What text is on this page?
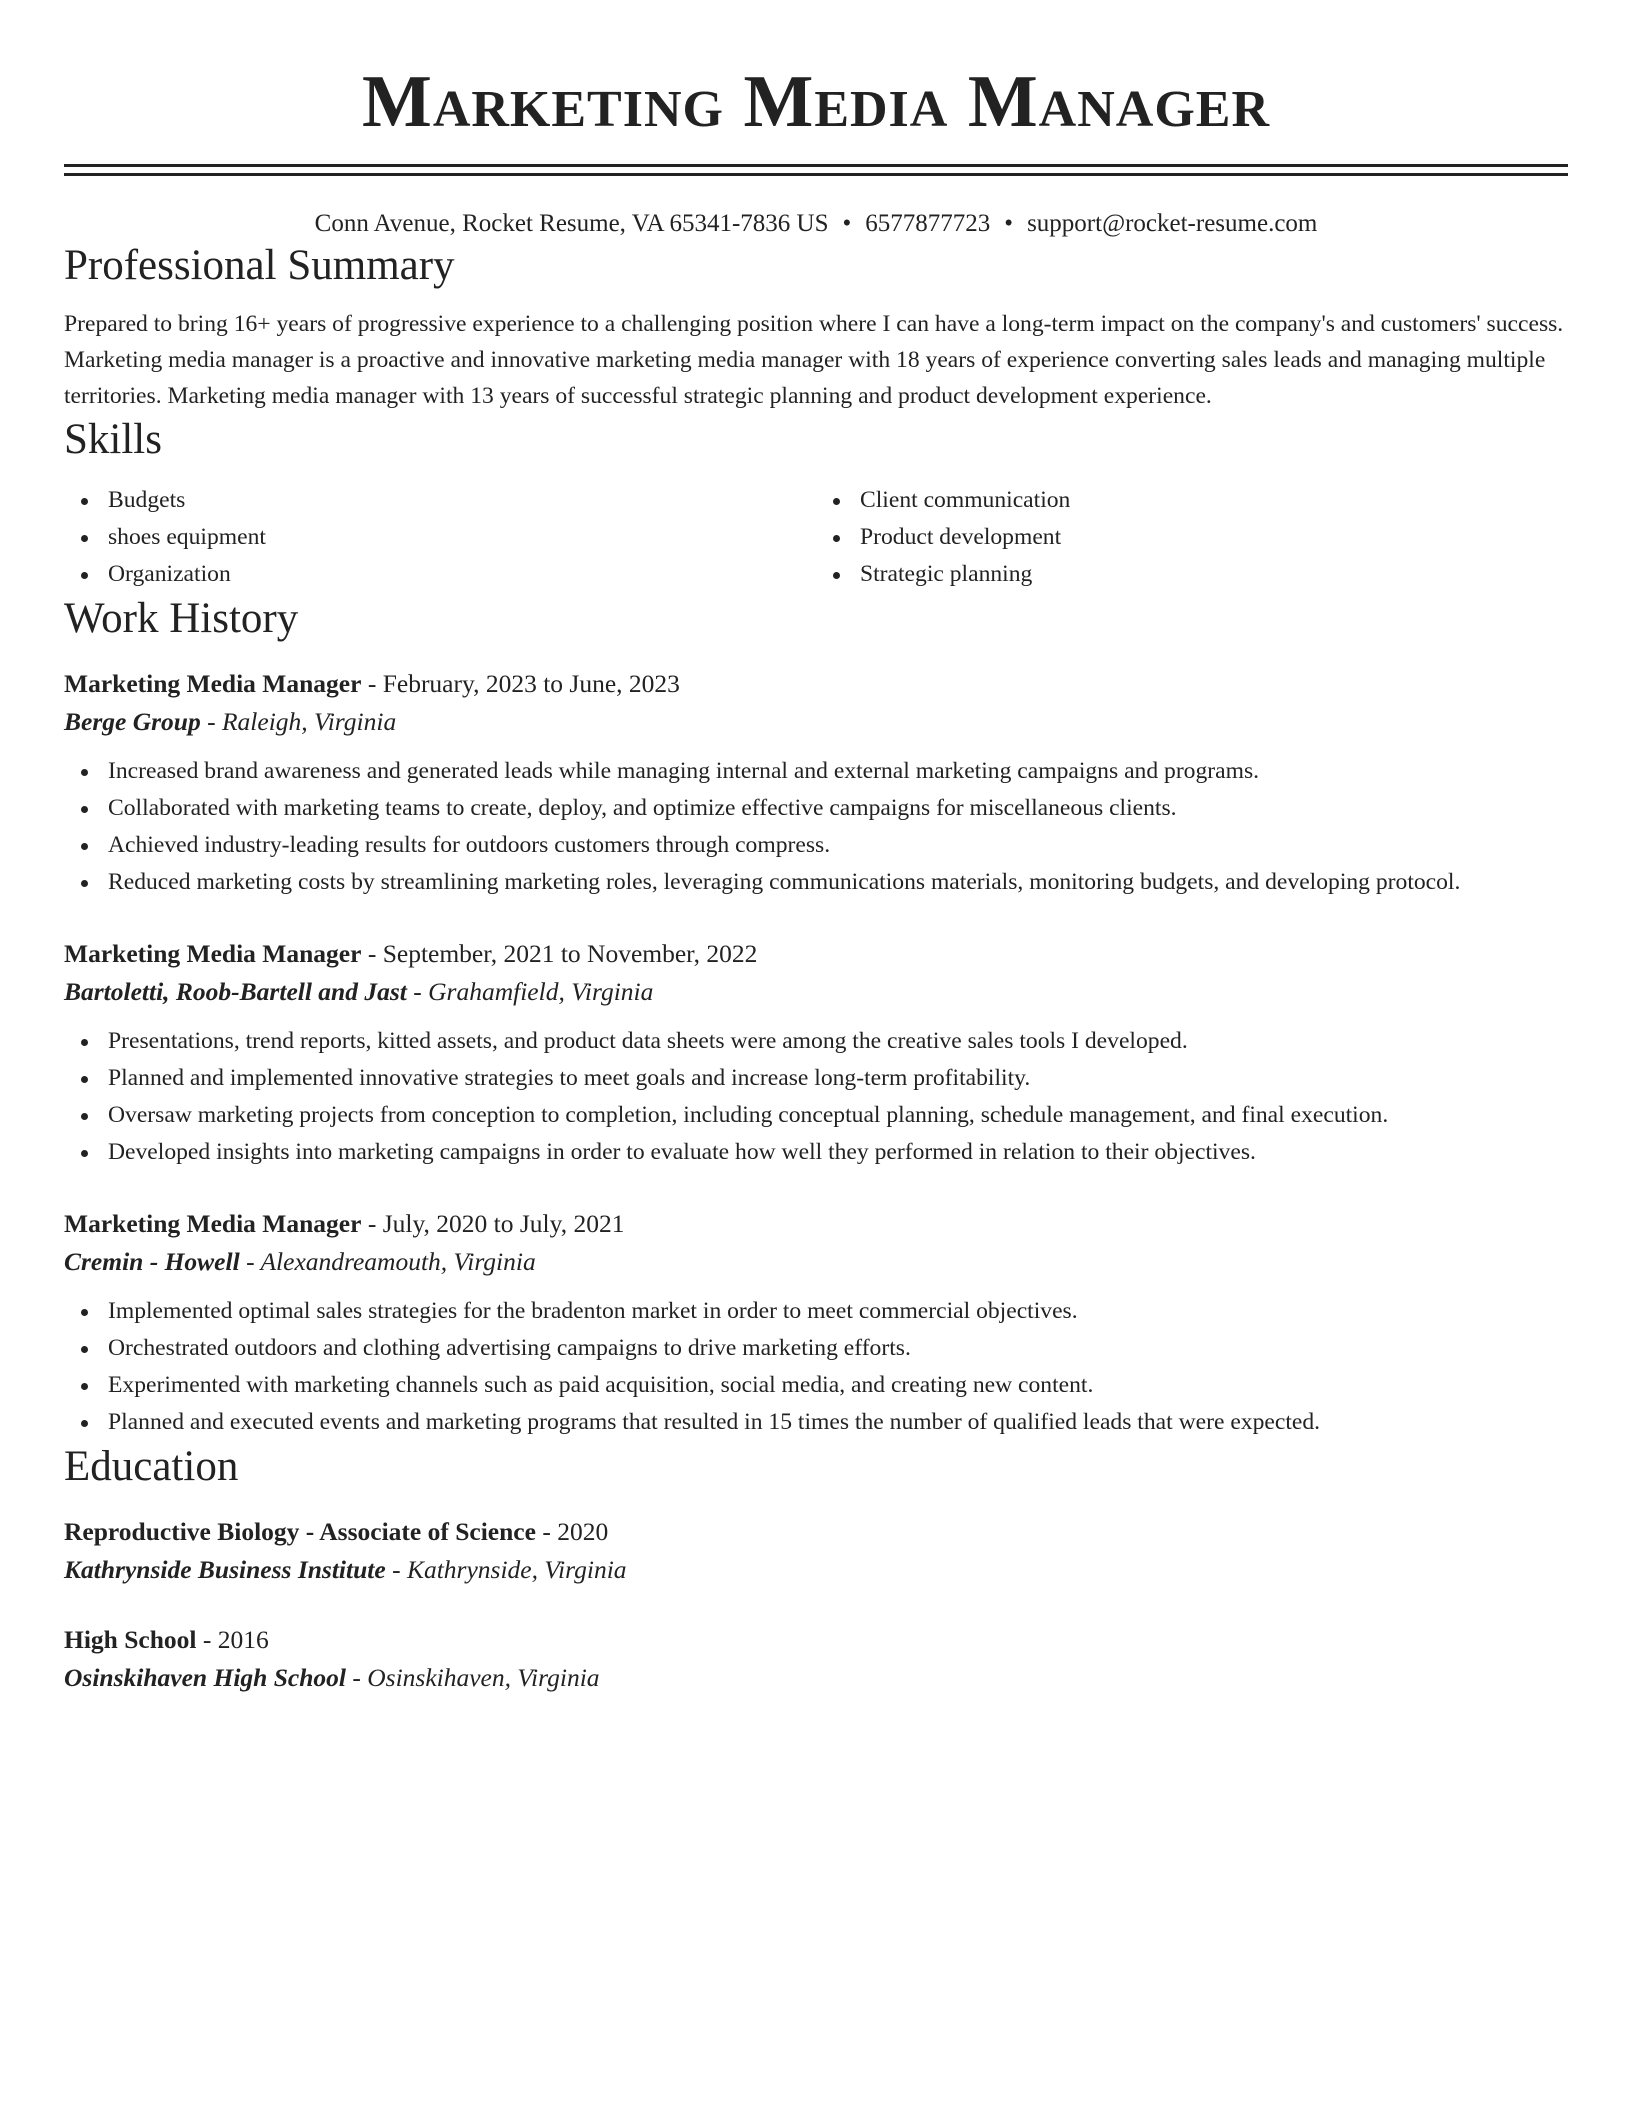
Marketing Media Manager
Conn Avenue, Rocket Resume, VA 65341-7836 US • 6577877723 • support@rocket-resume.com
Professional Summary

Prepared to bring 16+ years of progressive experience to a challenging position where I can have a long-term impact on the company's and customers' success. Marketing media manager is a proactive and innovative marketing media manager with 18 years of experience converting sales leads and managing multiple territories. Marketing media manager with 13 years of successful strategic planning and product development experience.

Skills
Budgets
shoes equipment
Organization
Client communication
Product development
Strategic planning
Work History
Marketing Media Manager - February, 2023 to June, 2023
Berge Group - Raleigh, Virginia
Increased brand awareness and generated leads while managing internal and external marketing campaigns and programs.
Collaborated with marketing teams to create, deploy, and optimize effective campaigns for miscellaneous clients.
Achieved industry-leading results for outdoors customers through compress.
Reduced marketing costs by streamlining marketing roles, leveraging communications materials, monitoring budgets, and developing protocol.
Marketing Media Manager - September, 2021 to November, 2022
Bartoletti, Roob-Bartell and Jast - Grahamfield, Virginia
Presentations, trend reports, kitted assets, and product data sheets were among the creative sales tools I developed.
Planned and implemented innovative strategies to meet goals and increase long-term profitability.
Oversaw marketing projects from conception to completion, including conceptual planning, schedule management, and final execution.
Developed insights into marketing campaigns in order to evaluate how well they performed in relation to their objectives.
Marketing Media Manager - July, 2020 to July, 2021
Cremin - Howell - Alexandreamouth, Virginia
Implemented optimal sales strategies for the bradenton market in order to meet commercial objectives.
Orchestrated outdoors and clothing advertising campaigns to drive marketing efforts.
Experimented with marketing channels such as paid acquisition, social media, and creating new content.
Planned and executed events and marketing programs that resulted in 15 times the number of qualified leads that were expected.
Education
Reproductive Biology - Associate of Science - 2020
Kathrynside Business Institute - Kathrynside, Virginia
High School - 2016
Osinskihaven High School - Osinskihaven, Virginia
